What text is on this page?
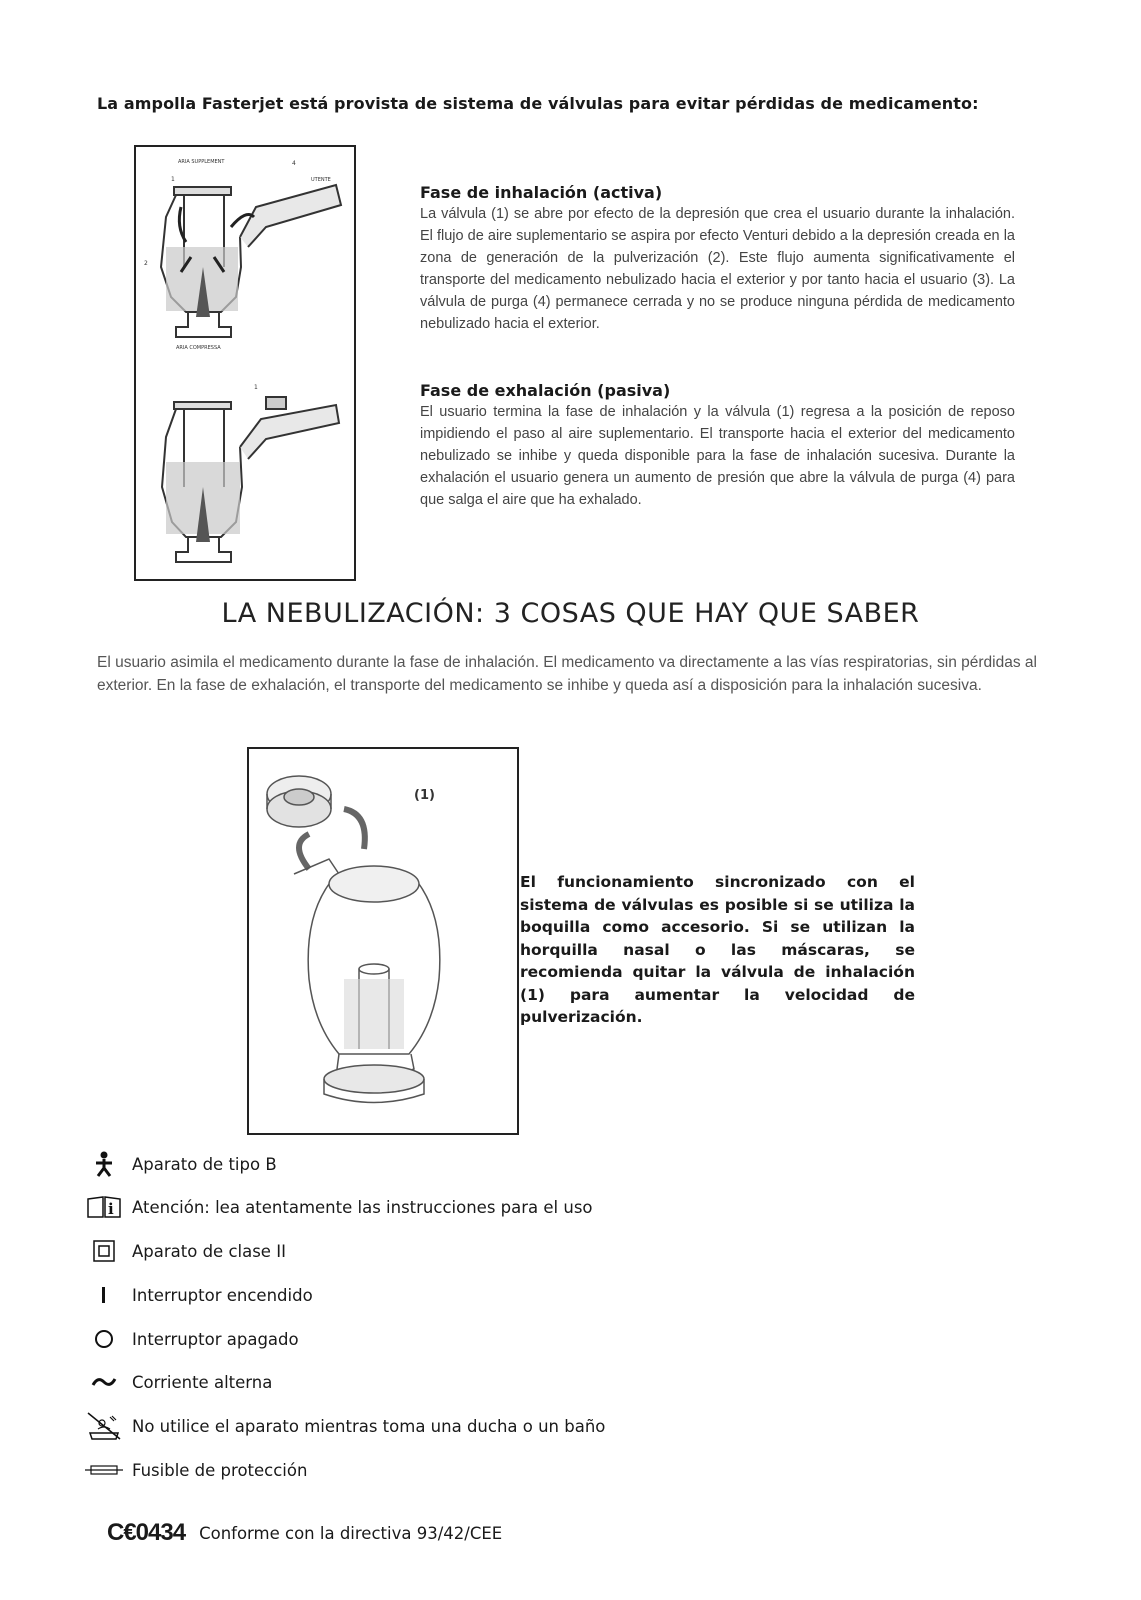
La ampolla Fasterjet está provista de sistema de válvulas para evitar pérdidas de medicamento:
ARIA SUPPLEMENT
UTENTE
1
2
4
ARIA COMPRESSA
1
Fase de inhalación (activa)

La válvula (1) se abre por efecto de la depresión que crea el usuario durante la inhalación. El flujo de aire suplementario se aspira por efecto Venturi debido a la depresión creada en la zona de generación de la pulverización (2). Este flujo aumenta significativamente el transporte del medicamento nebulizado hacia el exterior y por tanto hacia el usuario (3). La válvula de purga (4) permanece cerrada y no se produce ninguna pérdida de medicamento nebulizado hacia el exterior.

Fase de exhalación (pasiva)

El usuario termina la fase de inhalación y la válvula (1) regresa a la posición de reposo impidiendo el paso al aire suplementario. El transporte hacia el exterior del medicamento nebulizado se inhibe y queda disponible para la fase de inhalación sucesiva. Durante la exhalación el usuario genera un aumento de presión que abre la válvula de purga (4) para que salga el aire que ha exhalado.

LA NEBULIZACIÓN: 3 COSAS QUE HAY QUE SABER
El usuario asimila el medicamento durante la fase de inhalación. El medicamento va directamente a las vías respiratorias, sin pérdidas al exterior. En la fase de exhalación, el transporte del medicamento se inhibe y queda así a disposición para la inhalación sucesiva.
(1)
El funcionamiento sincronizado con el sistema de válvulas es posible si se utiliza la boquilla como accesorio. Si se utilizan la horquilla nasal o las máscaras, se recomienda quitar la válvula de inhalación (1) para aumentar la velocidad de pulverización.
Aparato de tipo B
i Atención: lea atentamente las instrucciones para el uso
Aparato de clase II
Interruptor encendido
Interruptor apagado
Corriente alterna
No utilice el aparato mientras toma una ducha o un baño
Fusible de protección
C€0434 Conforme con la directiva 93/42/CEE
